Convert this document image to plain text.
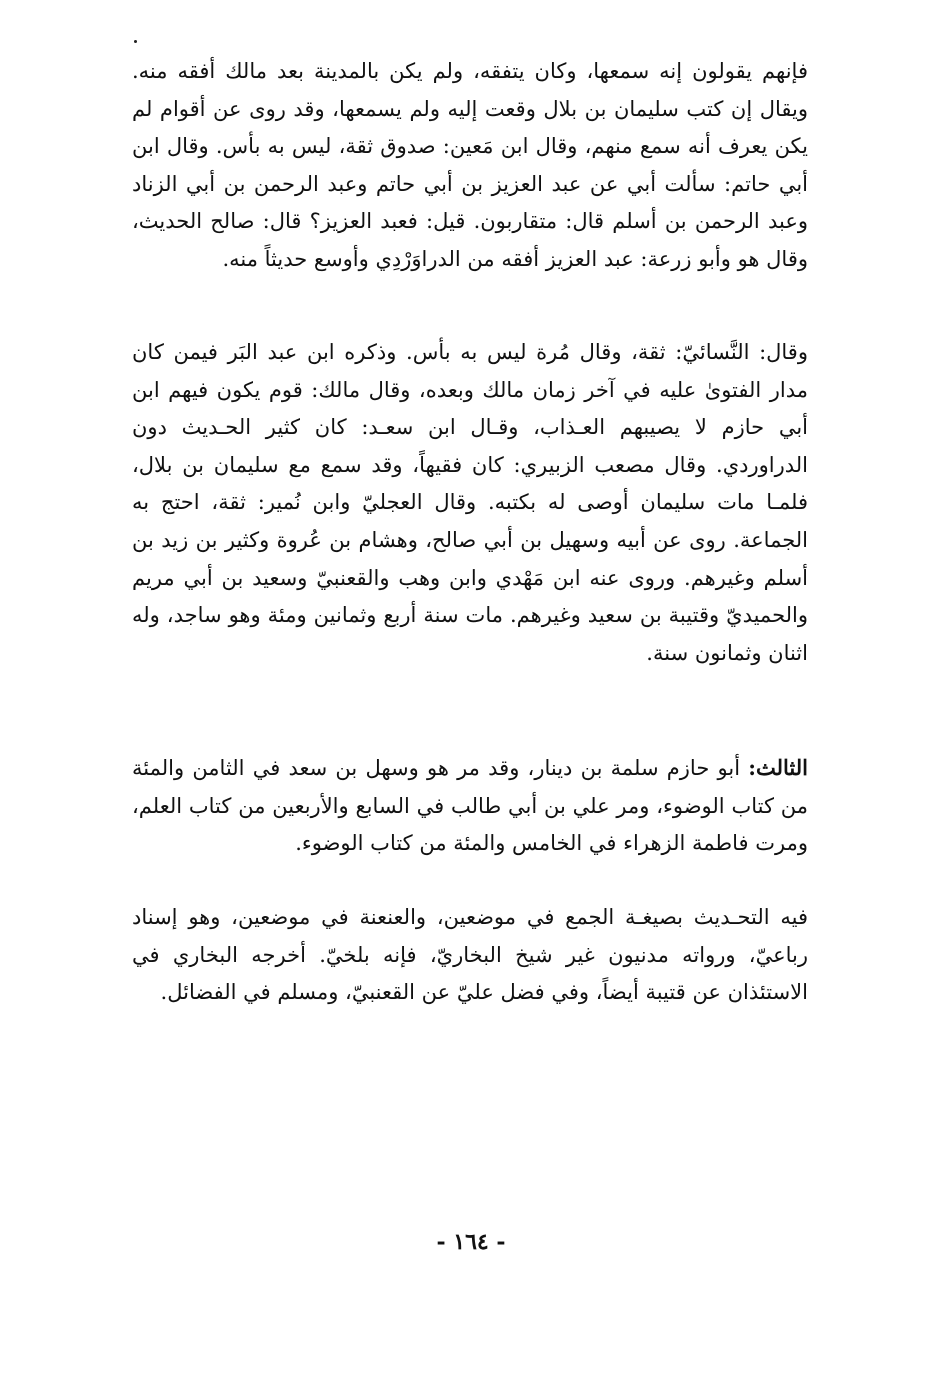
فإنهم يقولون إنه سمعها، وكان يتفقه، ولم يكن بالمدينة بعد مالك أفقه منه. ويقال إن كتب سليمان بن بلال وقعت إليه ولم يسمعها، وقد روى عن أقوام لم يكن يعرف أنه سمع منهم، وقال ابن مَعين: صدوق ثقة، ليس به بأس. وقال ابن أبي حاتم: سألت أبي عن عبد العزيز بن أبي حاتم وعبد الرحمن بن أبي الزناد وعبد الرحمن بن أسلم قال: متقاربون. قيل: فعبد العزيز؟ قال: صالح الحديث، وقال هو وأبو زرعة: عبد العزيز أفقه من الدراوَرْدِي وأوسع حديثاً منه.
وقال: النَّسائيّ: ثقة، وقال مُرة ليس به بأس. وذكره ابن عبد البَر فيمن كان مدار الفتوىٰ عليه في آخر زمان مالك وبعده، وقال مالك: قوم يكون فيهم ابن أبي حازم لا يصيبهم العـذاب، وقـال ابن سعـد: كان كثير الحـديث دون الدراوردي. وقال مصعب الزبيري: كان فقيهاً، وقد سمع مع سليمان بن بلال، فلمـا مات سليمان أوصى له بكتبه. وقال العجليّ وابن نُمير: ثقة، احتج به الجماعة. روى عن أبيه وسهيل بن أبي صالح، وهشام بن عُروة وكثير بن زيد بن أسلم وغيرهم. وروى عنه ابن مَهْدي وابن وهب والقعنبيّ وسعيد بن أبي مريم والحميديّ وقتيبة بن سعيد وغيرهم. مات سنة أربع وثمانين ومئة وهو ساجد، وله اثنان وثمانون سنة.
الثالث: أبو حازم سلمة بن دينار، وقد مر هو وسهل بن سعد في الثامن والمئة من كتاب الوضوء، ومر علي بن أبي طالب في السابع والأربعين من كتاب العلم، ومرت فاطمة الزهراء في الخامس والمئة من كتاب الوضوء.
فيه التحـديث بصيغـة الجمع في موضعين، والعنعنة في موضعين، وهو إسناد رباعيّ، ورواته مدنيون غير شيخ البخاريّ، فإنه بلخيّ. أخرجه البخاري في الاستئذان عن قتيبة أيضاً، وفي فضل عليّ عن القعنبيّ، ومسلم في الفضائل.
- ١٦٤ -
